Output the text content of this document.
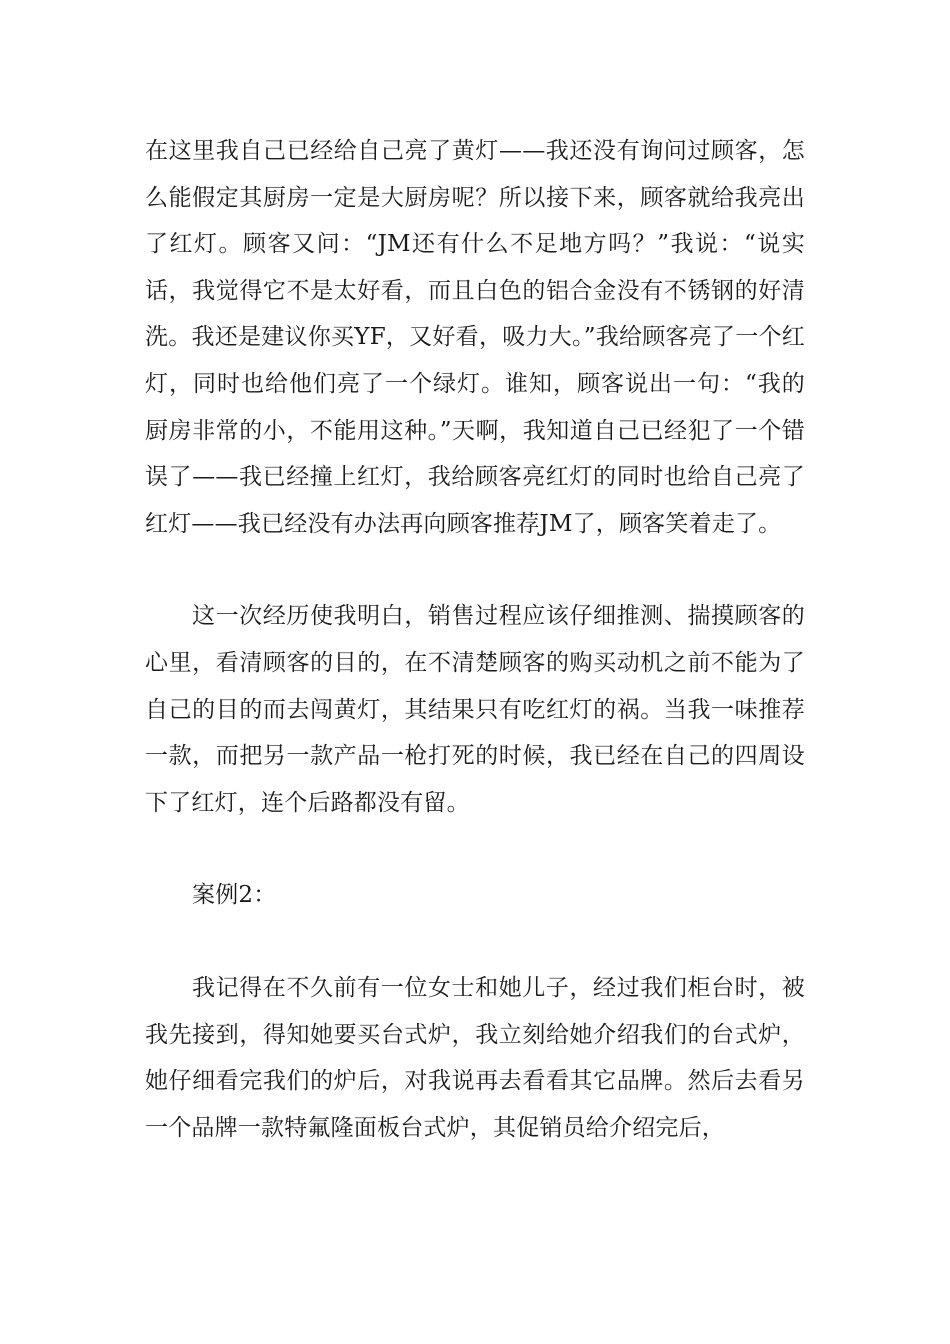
在这里我自己已经给自己亮了黄灯——我还没有询问过顾客，怎么能假定其厨房一定是大厨房呢？所以接下来，顾客就给我亮出了红灯。顾客又问：“JM还有什么不足地方吗？”我说：“说实话，我觉得它不是太好看，而且白色的铝合金没有不锈钢的好清洗。我还是建议你买YF，又好看，吸力大。”我给顾客亮了一个红灯，同时也给他们亮了一个绿灯。谁知，顾客说出一句：“我的厨房非常的小，不能用这种。”天啊，我知道自己已经犯了一个错误了——我已经撞上红灯，我给顾客亮红灯的同时也给自己亮了红灯——我已经没有办法再向顾客推荐JM了，顾客笑着走了。

这一次经历使我明白，销售过程应该仔细推测、揣摸顾客的心里，看清顾客的目的，在不清楚顾客的购买动机之前不能为了自己的目的而去闯黄灯，其结果只有吃红灯的祸。当我一味推荐一款，而把另一款产品一枪打死的时候，我已经在自己的四周设下了红灯，连个后路都没有留。

案例2：

我记得在不久前有一位女士和她儿子，经过我们柜台时，被我先接到，得知她要买台式炉，我立刻给她介绍我们的台式炉，她仔细看完我们的炉后，对我说再去看看其它品牌。然后去看另一个品牌一款特氟隆面板台式炉，其促销员给介绍完后，
